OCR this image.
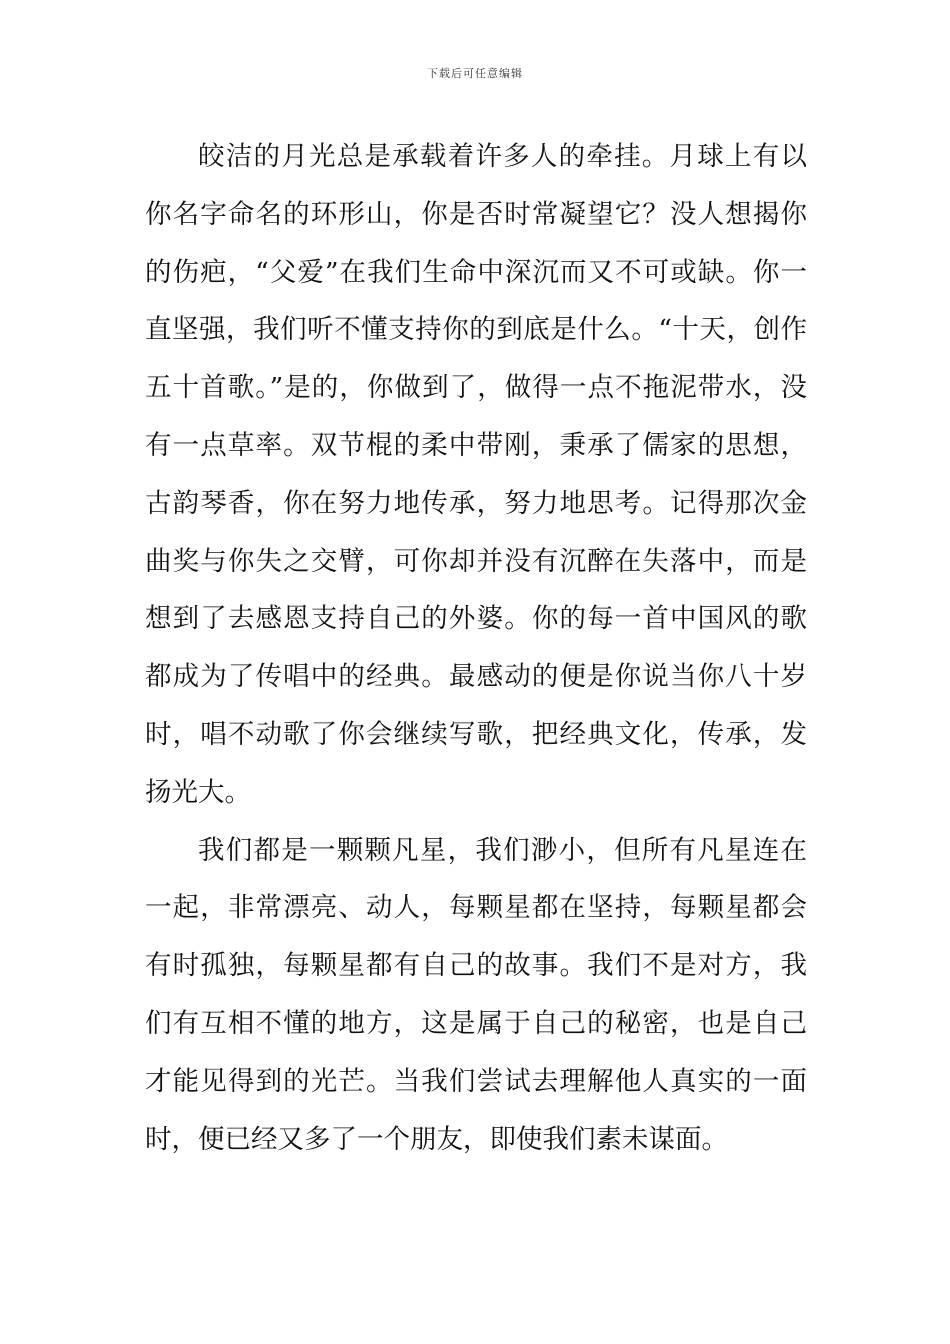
下载后可任意编辑

皎洁的月光总是承载着许多人的牵挂。月球上有以你名字命名的环形山，你是否时常凝望它？没人想揭你的伤疤，“父爱”在我们生命中深沉而又不可或缺。你一直坚强，我们听不懂支持你的到底是什么。“十天，创作五十首歌。”是的，你做到了，做得一点不拖泥带水，没有一点草率。双节棍的柔中带刚，秉承了儒家的思想，古韵琴香，你在努力地传承，努力地思考。记得那次金曲奖与你失之交臂，可你却并没有沉醉在失落中，而是想到了去感恩支持自己的外婆。你的每一首中国风的歌都成为了传唱中的经典。最感动的便是你说当你八十岁时，唱不动歌了你会继续写歌，把经典文化，传承，发扬光大。

我们都是一颗颗凡星，我们渺小，但所有凡星连在一起，非常漂亮、动人，每颗星都在坚持，每颗星都会有时孤独，每颗星都有自己的故事。我们不是对方，我们有互相不懂的地方，这是属于自己的秘密，也是自己才能见得到的光芒。当我们尝试去理解他人真实的一面时，便已经又多了一个朋友，即使我们素未谋面。
